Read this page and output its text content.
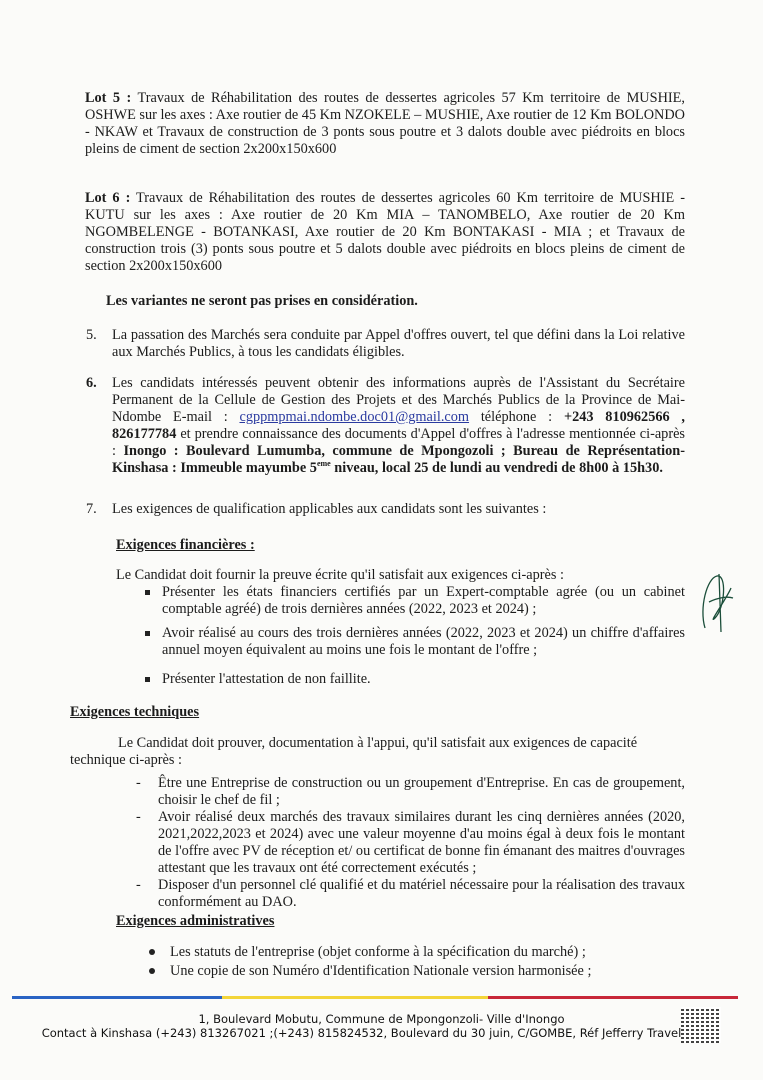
Lot 5 : Travaux de Réhabilitation des routes de dessertes agricoles 57 Km territoire de MUSHIE, OSHWE sur les axes : Axe routier de 45 Km NZOKELE – MUSHIE, Axe routier de 12 Km BOLONDO - NKAW et Travaux de construction de 3 ponts sous poutre et 3 dalots double avec piédroits en blocs pleins de ciment de section 2x200x150x600
Lot 6 : Travaux de Réhabilitation des routes de dessertes agricoles 60 Km territoire de MUSHIE - KUTU sur les axes : Axe routier de 20 Km MIA – TANOMBELO, Axe routier de 20 Km NGOMBELENGE - BOTANKASI, Axe routier de 20 Km BONTAKASI - MIA ; et Travaux de construction trois (3) ponts sous poutre et 5 dalots double avec piédroits en blocs pleins de ciment de section 2x200x150x600
Les variantes ne seront pas prises en considération.
5. La passation des Marchés sera conduite par Appel d'offres ouvert, tel que défini dans la Loi relative aux Marchés Publics, à tous les candidats éligibles.
6. Les candidats intéressés peuvent obtenir des informations auprès de l'Assistant du Secrétaire Permanent de la Cellule de Gestion des Projets et des Marchés Publics de la Province de Mai-Ndombe E-mail : cgppmpmai.ndombe.doc01@gmail.com téléphone : +243 810962566 , 826177784 et prendre connaissance des documents d'Appel d'offres à l'adresse mentionnée ci-après : Inongo : Boulevard Lumumba, commune de Mpongozoli ; Bureau de Représentation-Kinshasa : Immeuble mayumbe 5eme niveau, local 25 de lundi au vendredi de 8h00 à 15h30.
7. Les exigences de qualification applicables aux candidats sont les suivantes :
Exigences financières :
Le Candidat doit fournir la preuve écrite qu'il satisfait aux exigences ci-après :
Présenter les états financiers certifiés par un Expert-comptable agrée (ou un cabinet comptable agréé) de trois dernières années (2022, 2023 et 2024) ;
Avoir réalisé au cours des trois dernières années (2022, 2023 et 2024) un chiffre d'affaires annuel moyen équivalent au moins une fois le montant de l'offre ;
Présenter l'attestation de non faillite.
Exigences techniques
Le Candidat doit prouver, documentation à l'appui, qu'il satisfait aux exigences de capacité technique ci-après :
- Être une Entreprise de construction ou un groupement d'Entreprise. En cas de groupement, choisir le chef de fil ;
- Avoir réalisé deux marchés des travaux similaires durant les cinq dernières années (2020, 2021,2022,2023 et 2024) avec une valeur moyenne d'au moins égal à deux fois le montant de l'offre avec PV de réception et/ ou certificat de bonne fin émanant des maitres d'ouvrages attestant que les travaux ont été correctement exécutés ;
- Disposer d'un personnel clé qualifié et du matériel nécessaire pour la réalisation des travaux conformément au DAO.
Exigences administratives
Les statuts de l'entreprise (objet conforme à la spécification du marché) ;
Une copie de son Numéro d'Identification Nationale version harmonisée ;
1, Boulevard Mobutu, Commune de Mpongonzoli- Ville d'Inongo
Contact à Kinshasa (+243) 813267021 ;(+243) 815824532, Boulevard du 30 juin, C/GOMBE, Réf Jefferry Travel
